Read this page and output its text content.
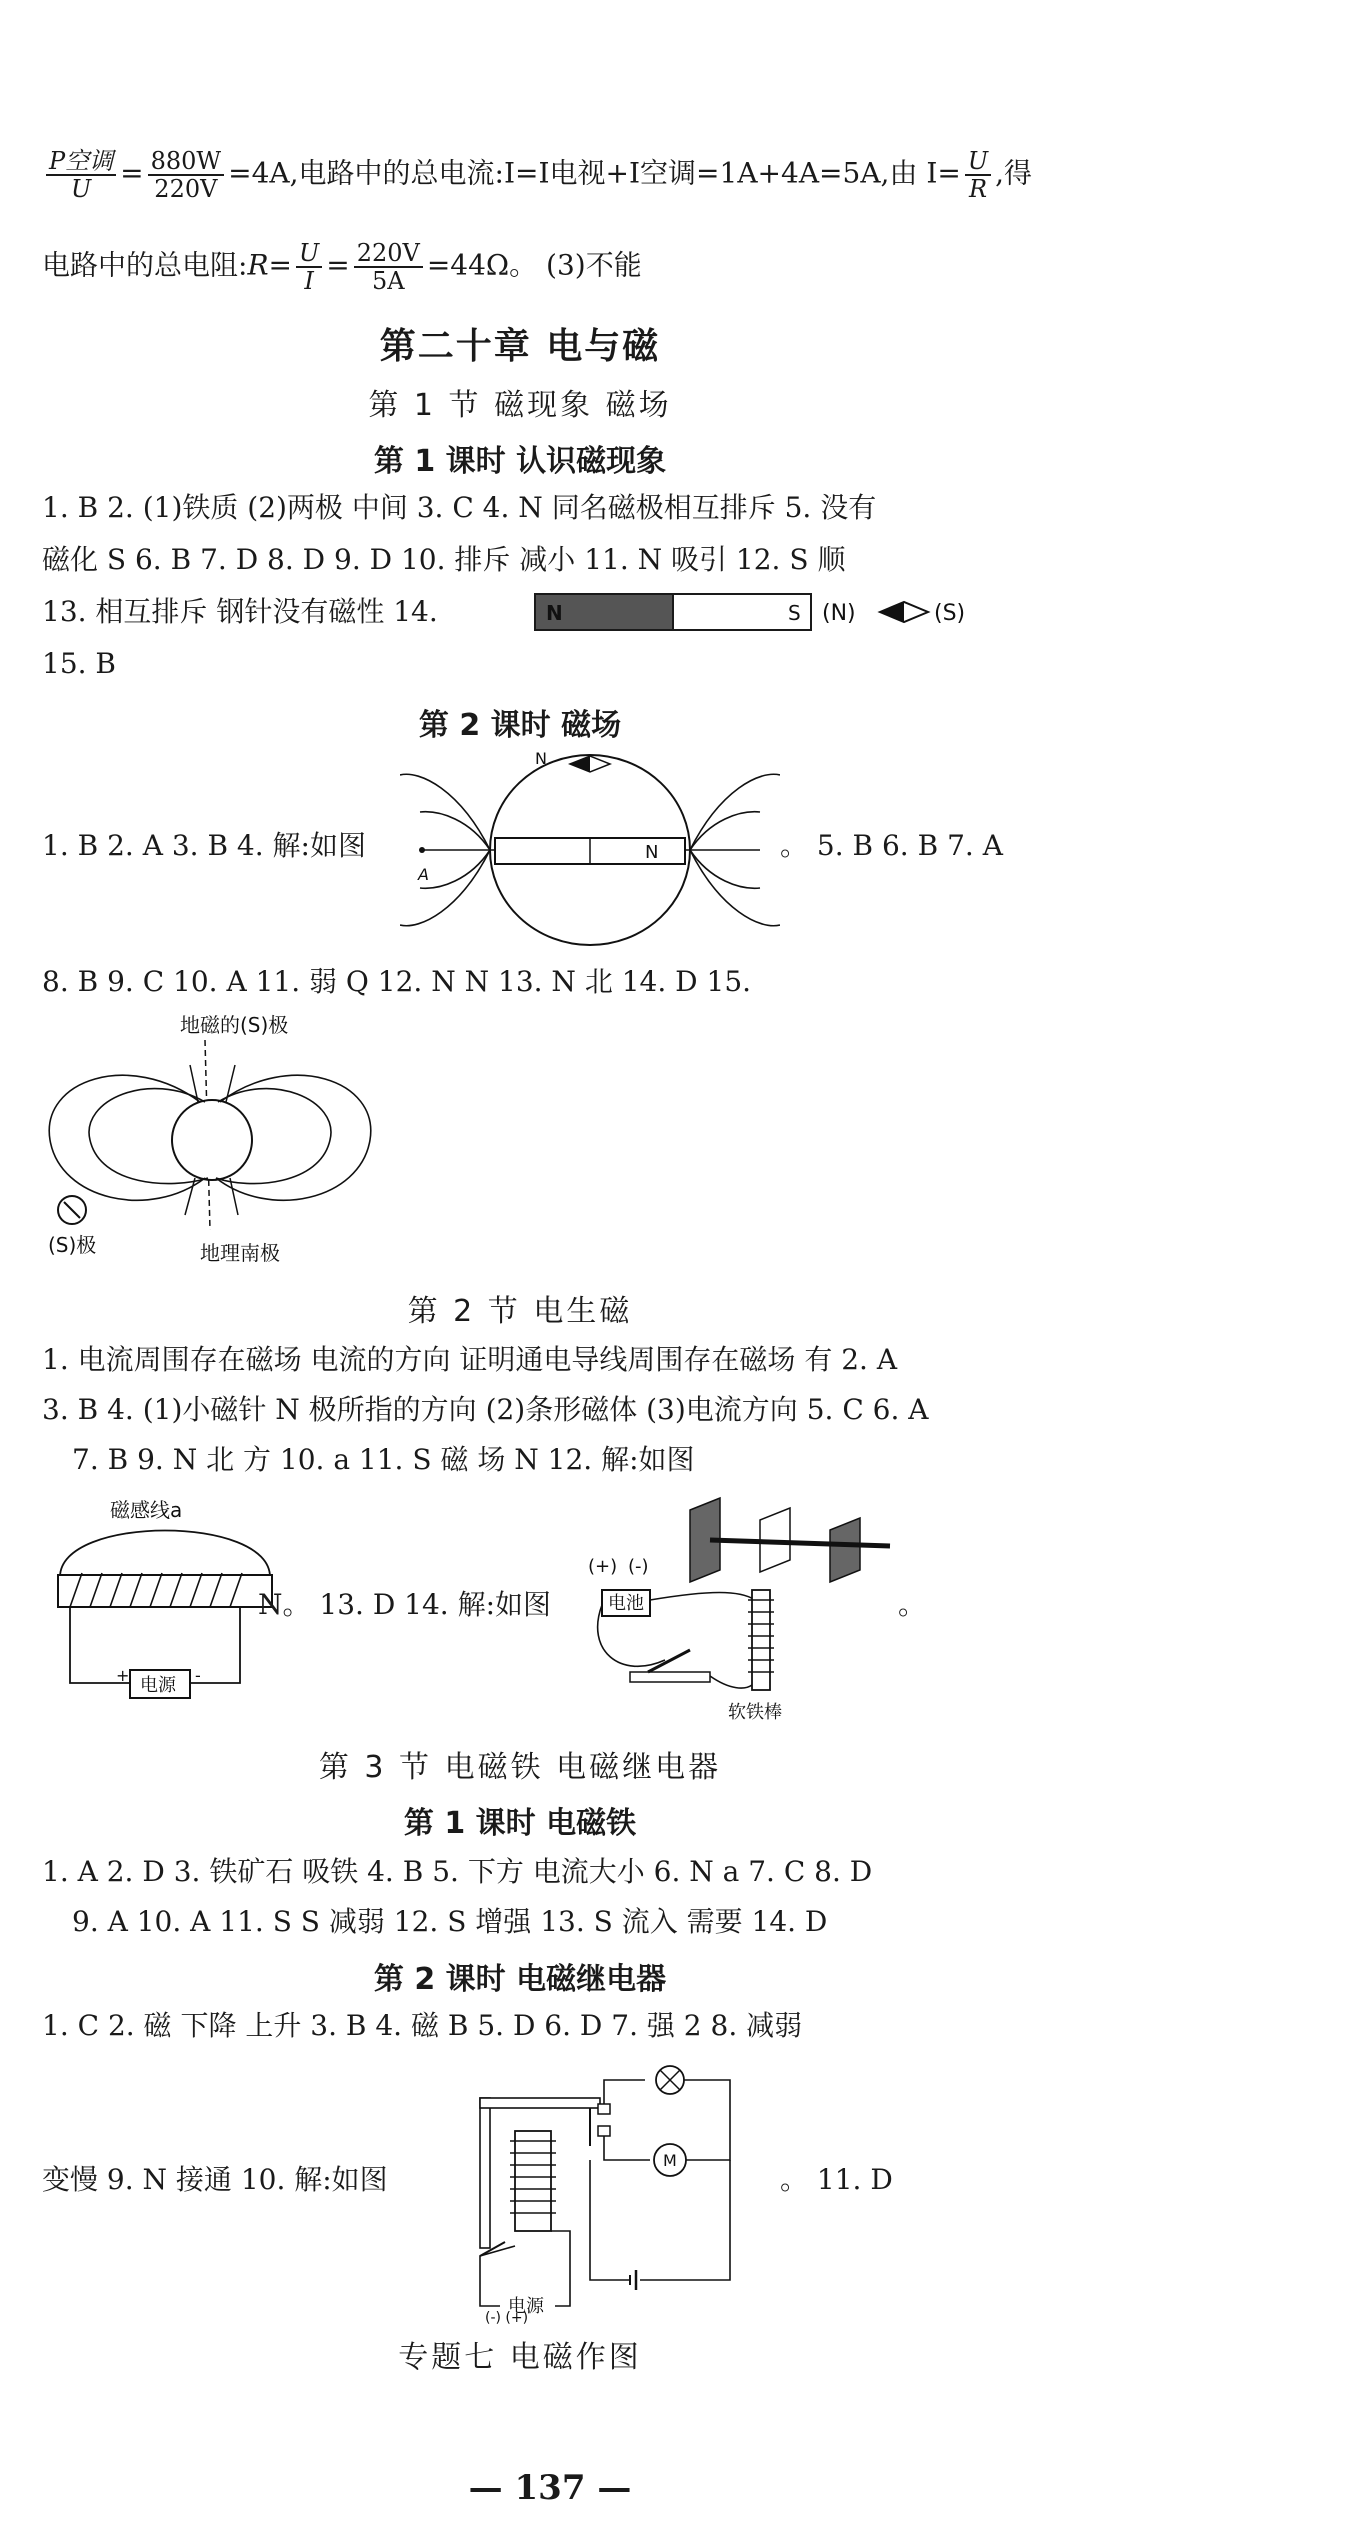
$\frac{\text{P空调}}{U} = \frac{880W}{220V} =4A$,电路中的总电流:I=I电视+I空调=1A+4A=5A,由 $I= \frac{U}{R}$ ,得
电路中的总电阻:R= $\frac{U}{I} = \frac{220V}{5A} =44\Omega$。 (3)不能
第二十章 电与磁
第 1 节 磁现象 磁场
第 1 课时 认识磁现象
1. B 2. (1)铁质 (2)两极 中间 3. C 4. N 同名磁极相互排斥 5. 没有
磁化 S 6. B 7. D 8. D 9. D 10. 排斥 减小 11. N 吸引 12. S 顺
13. 相互排斥 钢针没有磁性 14.	N	S (N)	(S)
15. B
第 2 课时 磁场
N
N
A
1. B 2. A 3. B 4. 解:如图	。 5. B 6. B 7. A
8. B 9. C 10. A 11. 弱 Q 12. N N 13. N 北 14. D 15.
地磁的(S)极
(S)极	地理南极
第 2 节 电生磁
1. 电流周围存在磁场 电流的方向 证明通电导线周围存在磁场 有 2. A
3. B 4. (1)小磁针 N 极所指的方向 (2)条形磁体 (3)电流方向 5. C 6. A
7. B 9. N 北 方 10. a 11. S 磁 场 N 12. 解:如图
磁感线a
电源
+	-
N。 13. D 14. 解:如图
(+) (-)
电池
软铁棒
。
第 3 节 电磁铁 电磁继电器
第 1 课时 电磁铁
1. A 2. D 3. 铁矿石 吸铁 4. B 5. 下方 电流大小 6. N a 7. C 8. D
9. A 10. A 11. S S 减弱 12. S 增强 13. S 流入 需要 14. D
第 2 课时 电磁继电器
1. C 2. 磁 下降 上升 3. B 4. 磁 B 5. D 6. D 7. 强 2 8. 减弱
M
电源
(-) (+)
变慢 9. N 接通 10. 解:如图	。 11. D
专题七 电磁作图
— 137 —
